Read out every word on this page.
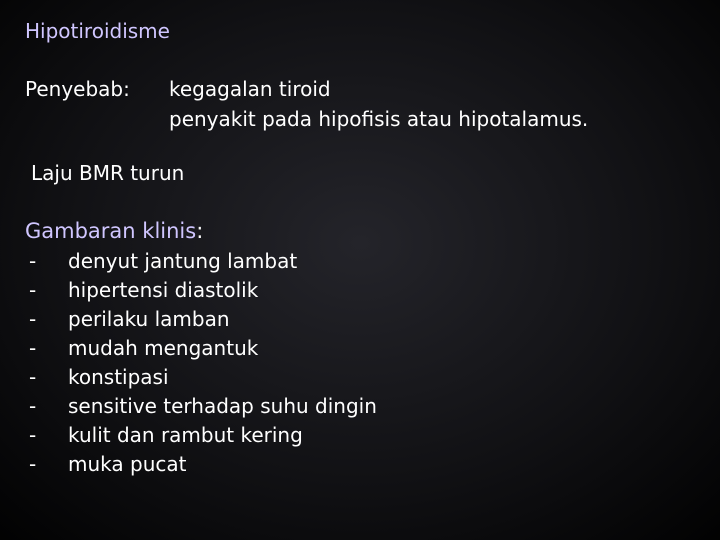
Hipotiroidisme
Penyebab: kegagalan tiroid
penyakit pada hipofisis atau hipotalamus.
Laju BMR turun
Gambaran klinis:
- denyut jantung lambat
- hipertensi diastolik
- perilaku lamban
- mudah mengantuk
- konstipasi
- sensitive terhadap suhu dingin
- kulit dan rambut kering
- muka pucat
